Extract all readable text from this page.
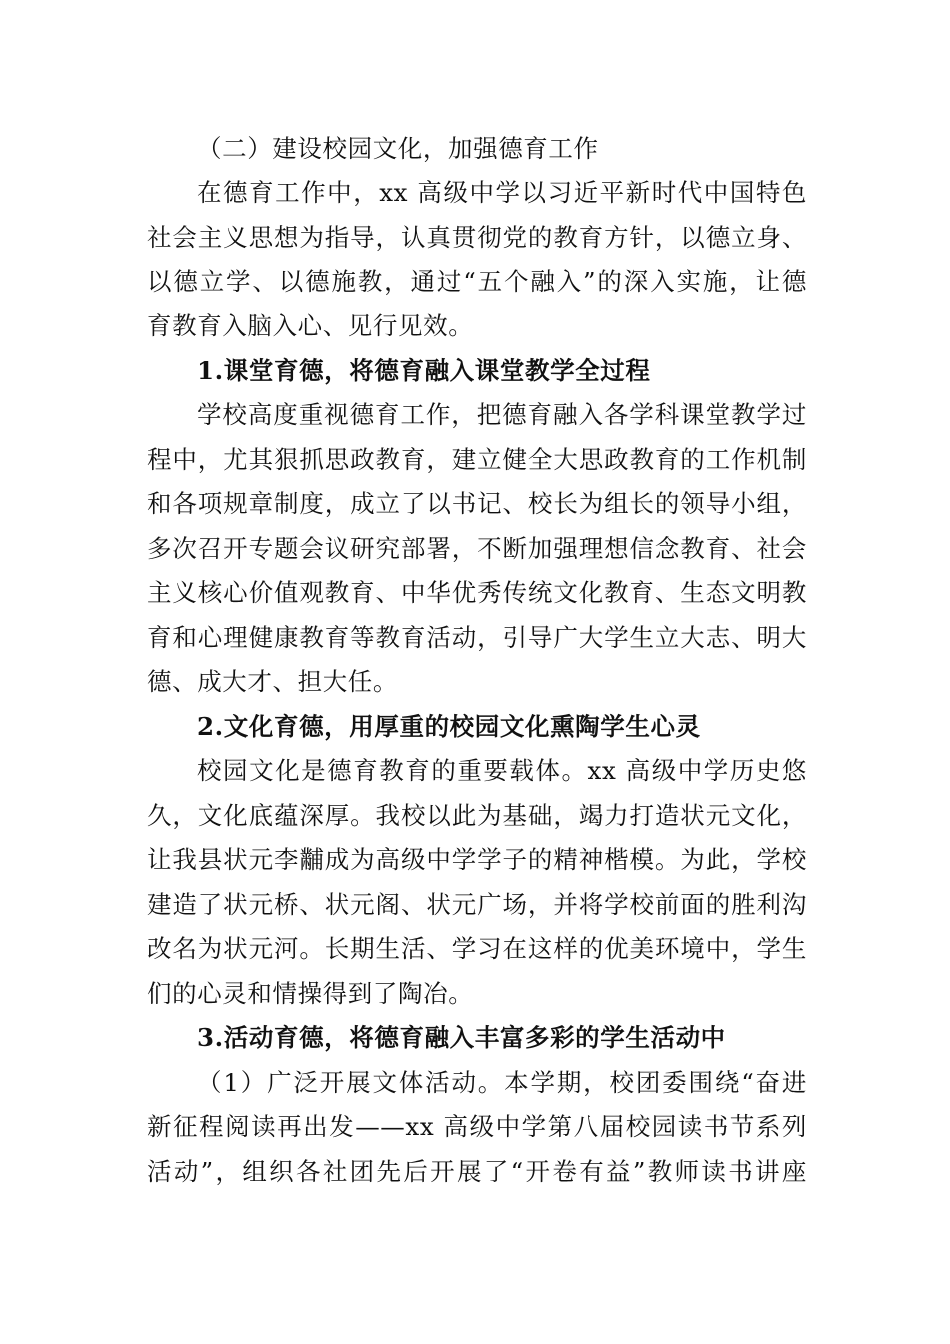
（二）建设校园文化，加强德育工作
在德育工作中，xx 高级中学以习近平新时代中国特色
社会主义思想为指导，认真贯彻党的教育方针，以德立身、
以德立学、以德施教，通过“五个融入”的深入实施，让德
育教育入脑入心、见行见效。
1.课堂育德，将德育融入课堂教学全过程
学校高度重视德育工作，把德育融入各学科课堂教学过
程中，尤其狠抓思政教育，建立健全大思政教育的工作机制
和各项规章制度，成立了以书记、校长为组长的领导小组，
多次召开专题会议研究部署，不断加强理想信念教育、社会
主义核心价值观教育、中华优秀传统文化教育、生态文明教
育和心理健康教育等教育活动，引导广大学生立大志、明大
德、成大才、担大任。
2.文化育德，用厚重的校园文化熏陶学生心灵
校园文化是德育教育的重要载体。xx 高级中学历史悠
久，文化底蕴深厚。我校以此为基础，竭力打造状元文化，
让我县状元李黼成为高级中学学子的精神楷模。为此，学校
建造了状元桥、状元阁、状元广场，并将学校前面的胜利沟
改名为状元河。长期生活、学习在这样的优美环境中，学生
们的心灵和情操得到了陶冶。
3.活动育德，将德育融入丰富多彩的学生活动中
（1）广泛开展文体活动。本学期，校团委围绕“奋进
新征程阅读再出发——xx 高级中学第八届校园读书节系列
活动”，组织各社团先后开展了“开卷有益”教师读书讲座
